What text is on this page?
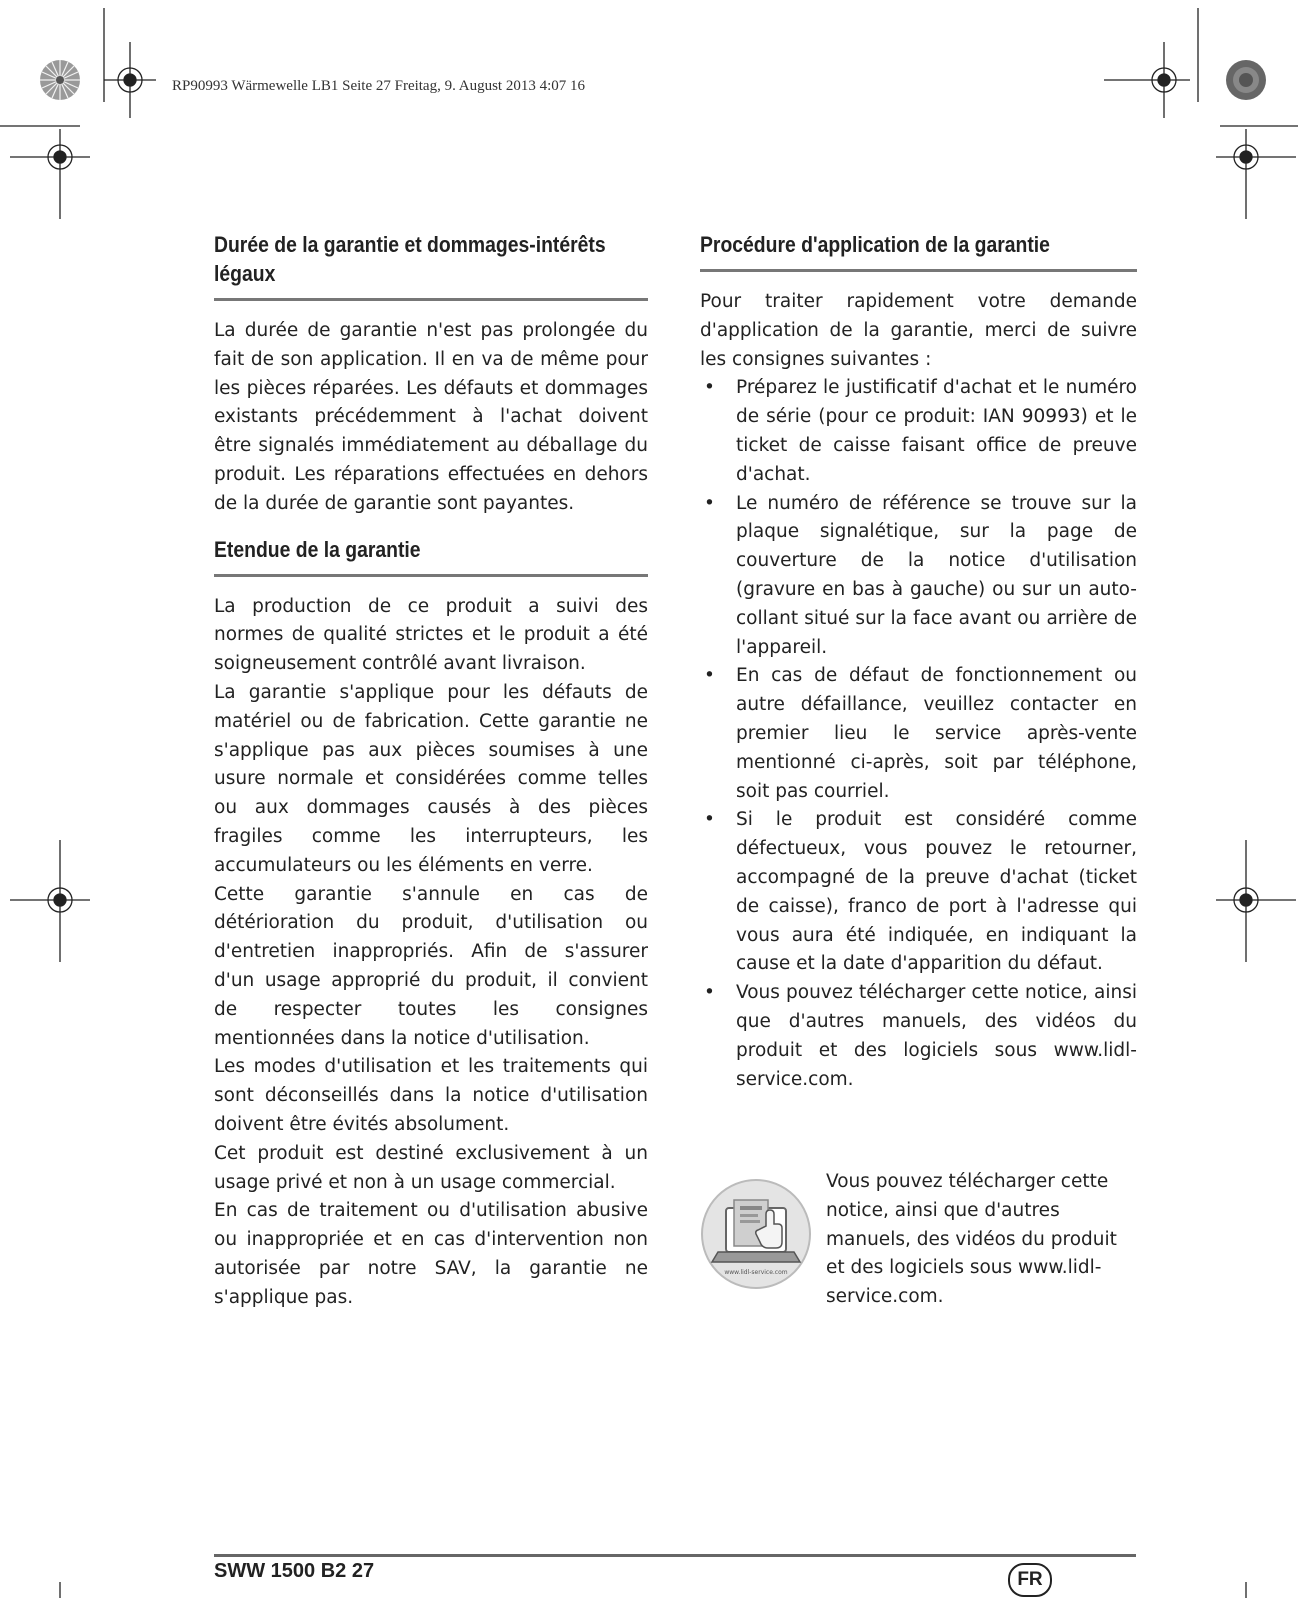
RP90993 Wärmewelle LB1 Seite 27 Freitag, 9. August 2013 4:07 16
Durée de la garantie et dommages-intérêts légaux

La durée de garantie n'est pas prolongée du fait de son application. Il en va de même pour les pièces réparées. Les défauts et dommages existants précédemment à l'achat doivent être signalés immédiatement au déballage du produit. Les réparations effectuées en dehors de la durée de garantie sont payantes.

Etendue de la garantie

La production de ce produit a suivi des normes de qualité strictes et le produit a été soigneusement contrôlé avant livraison.

La garantie s'applique pour les défauts de matériel ou de fabrication. Cette garantie ne s'applique pas aux pièces soumises à une usure normale et considérées comme telles ou aux dommages causés à des pièces fragiles comme les interrupteurs, les accumulateurs ou les éléments en verre.

Cette garantie s'annule en cas de détérioration du produit, d'utilisation ou d'entretien inappropriés. Afin de s'assurer d'un usage approprié du produit, il convient de respecter toutes les consignes mentionnées dans la notice d'utilisation.

Les modes d'utilisation et les traitements qui sont déconseillés dans la notice d'utilisation doivent être évités absolument.

Cet produit est destiné exclusivement à un usage privé et non à un usage commercial.

En cas de traitement ou d'utilisation abusive ou inappropriée et en cas d'intervention non autorisée par notre SAV, la garantie ne s'applique pas.

Procédure d'application de la garantie

Pour traiter rapidement votre demande d'application de la garantie, merci de suivre les consignes suivantes :

• Préparez le justificatif d'achat et le numéro de série (pour ce produit: IAN 90993) et le ticket de caisse faisant office de preuve d'achat.
• Le numéro de référence se trouve sur la plaque signalétique, sur la page de couverture de la notice d'utilisation (gravure en bas à gauche) ou sur un auto-collant situé sur la face avant ou arrière de l'appareil.
• En cas de défaut de fonctionnement ou autre défaillance, veuillez contacter en premier lieu le service après-vente mentionné ci-après, soit par téléphone, soit pas courriel.
• Si le produit est considéré comme défectueux, vous pouvez le retourner, accompagné de la preuve d'achat (ticket de caisse), franco de port à l'adresse qui vous aura été indiquée, en indiquant la cause et la date d'apparition du défaut.
• Vous pouvez télécharger cette notice, ainsi que d'autres manuels, des vidéos du produit et des logiciels sous www.lidl-service.com.
www.lidl-service.com

Vous pouvez télécharger cette notice, ainsi que d'autres manuels, des vidéos du produit et des logiciels sous www.lidl-service.com.

SWW 1500 B2 27	FR
